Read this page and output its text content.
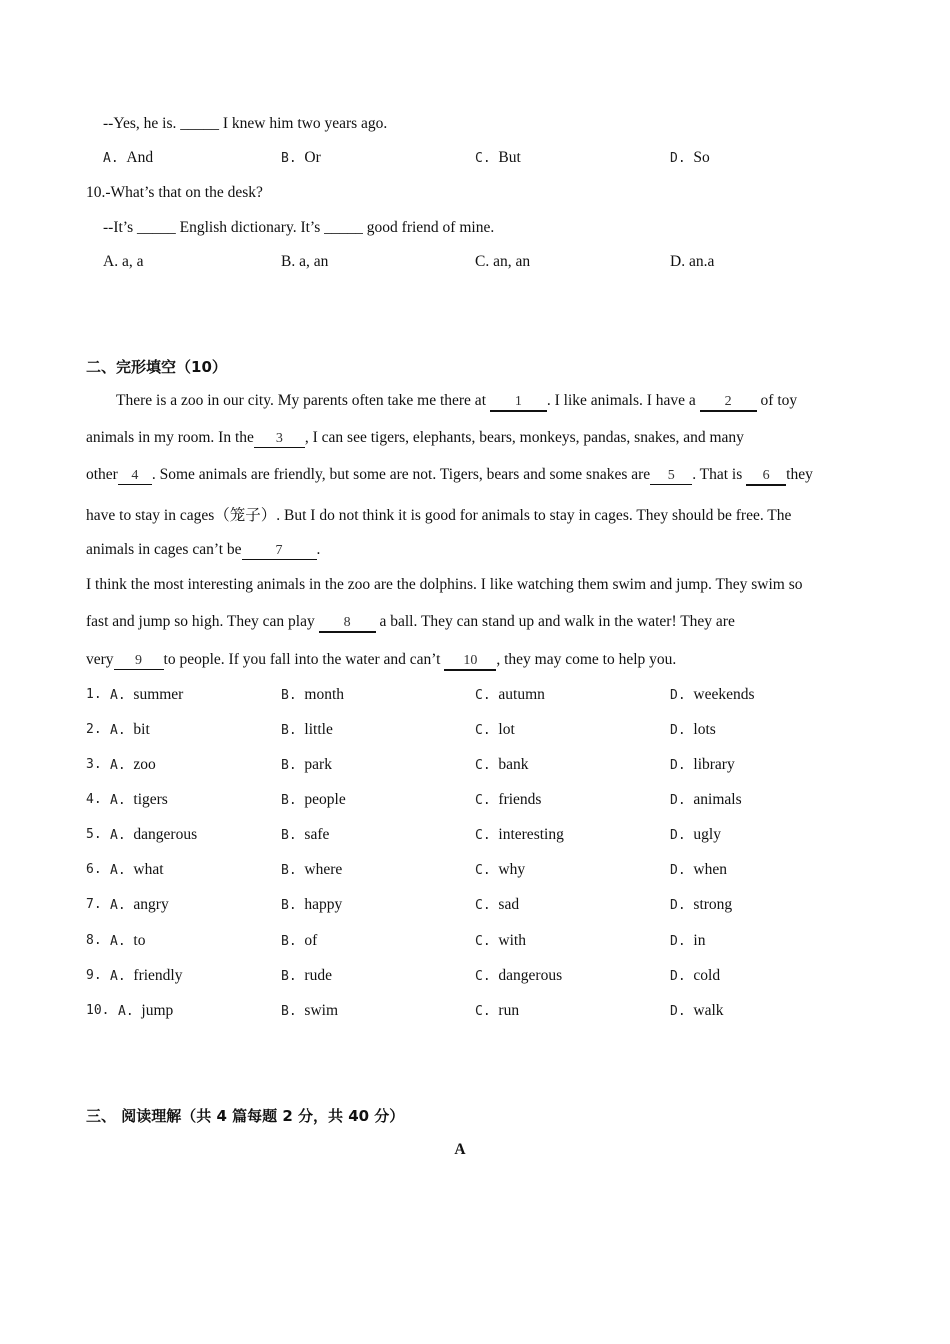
--Yes, he is. _____ I knew him two years ago.
A. And	B. Or	C. But	D. So
10.-What’s that on the desk?
--It’s _____ English dictionary. It’s _____ good friend of mine.
A. a, a	B. a, an	C. an, an	D. an.a
二、完形填空（10）
There is a zoo in our city. My parents often take me there at 1 . I like animals. I have a 2 of toy
animals in my room. In the 3 , I can see tigers, elephants, bears, monkeys, pandas, snakes, and many
other 4 . Some animals are friendly, but some are not. Tigers, bears and some snakes are 5 . That is 6 they
have to stay in cages（笼子）. But I do not think it is good for animals to stay in cages. They should be free. The
animals in cages can’t be 7 .
I think the most interesting animals in the zoo are the dolphins. I like watching them swim and jump. They swim so
fast and jump so high. They can play 8 a ball. They can stand up and walk in the water! They are
very 9 to people. If you fall into the water and can’t 10 , they may come to help you.
1. A. summer	B. month	C. autumn	D. weekends
2. A. bit	B. little	C. lot	D. lots
3. A. zoo	B. park	C. bank	D. library
4. A. tigers	B. people	C. friends	D. animals
5. A. dangerous	B. safe	C. interesting	D. ugly
6. A. what	B. where	C. why	D. when
7. A. angry	B. happy	C. sad	D. strong
8. A. to	B. of	C. with	D. in
9. A. friendly	B. rude	C. dangerous	D. cold
10. A. jump	B. swim	C. run	D. walk
三、 阅读理解（共 4 篇每题 2 分，共 40 分）
A
